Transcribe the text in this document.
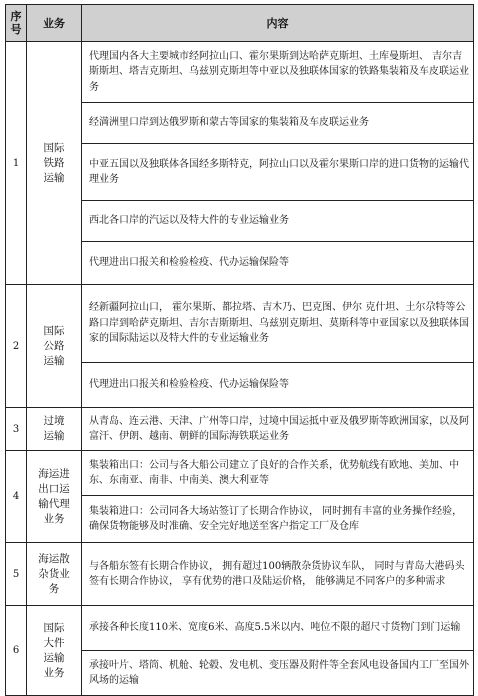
序号	业务	内容
1	国际铁路运输	代理国内各大主要城市经阿拉山口、霍尔果斯到达哈萨克斯坦、土库曼斯坦、 吉尔吉斯斯坦、塔吉克斯坦、乌兹别克斯坦等中亚以及独联体国家的铁路集装箱及车皮联运业务
		经満洲里口岸到达俄罗斯和蒙古等国家的集装箱及车皮联运业务
		中亚五国以及独联体各国经多斯特克，阿拉山口以及霍尔果斯口岸的进口货物的运输代理业务
		西北各口岸的汽运以及特大件的专业运输业务
		代理进出口报关和检验检疫、代办运输保险等
2	国际公路运输	经新疆阿拉山口， 霍尔果斯、都拉塔、吉木乃、巴克图、伊尔 克什坦、土尔尕特等公路口岸到哈萨克斯坦、吉尔吉斯斯坦、乌兹别克斯坦、莫斯科等中亚国家以及独联体国家的国际陆运以及特大件的专业运输业务
		代理进出口报关和检验检疫、代办运输保险等
3	过境运输	从青岛、连云港、天津、广州等口岸，过境中国运抵中亚及俄罗斯等欧洲国家，以及阿富汗、伊朗、越南、朝鲜的国际海铁联运业务
4	海运进出口运输代理业务	集装箱出口：公司与各大船公司建立了良好的合作关系，优势航线有欧地、美加、中东、东南亚、南非、中南美、澳大利亚等
		集装箱进口：公司同各大场站签订了长期合作协议， 同时拥有丰富的业务操作经验，确保货物能够及时准确、安全完好地送至客户指定工厂及仓库
5	海运散杂货业务	与各船东签有长期合作协议， 拥有超过100辆散杂货协议车队， 同时与青岛大港码头签有长期合作协议， 享有优势的港口及陆运价格， 能够满足不同客户的多种需求
6	国际大件运输业务	承接各种长度110米、宽度6米、高度5.5米以内、吨位不限的超尺寸货物门到门运输
		承接叶片、塔筒、机舱、轮毂、发电机、变压器及附件等全套风电设备国内工厂至国外风场的运输
